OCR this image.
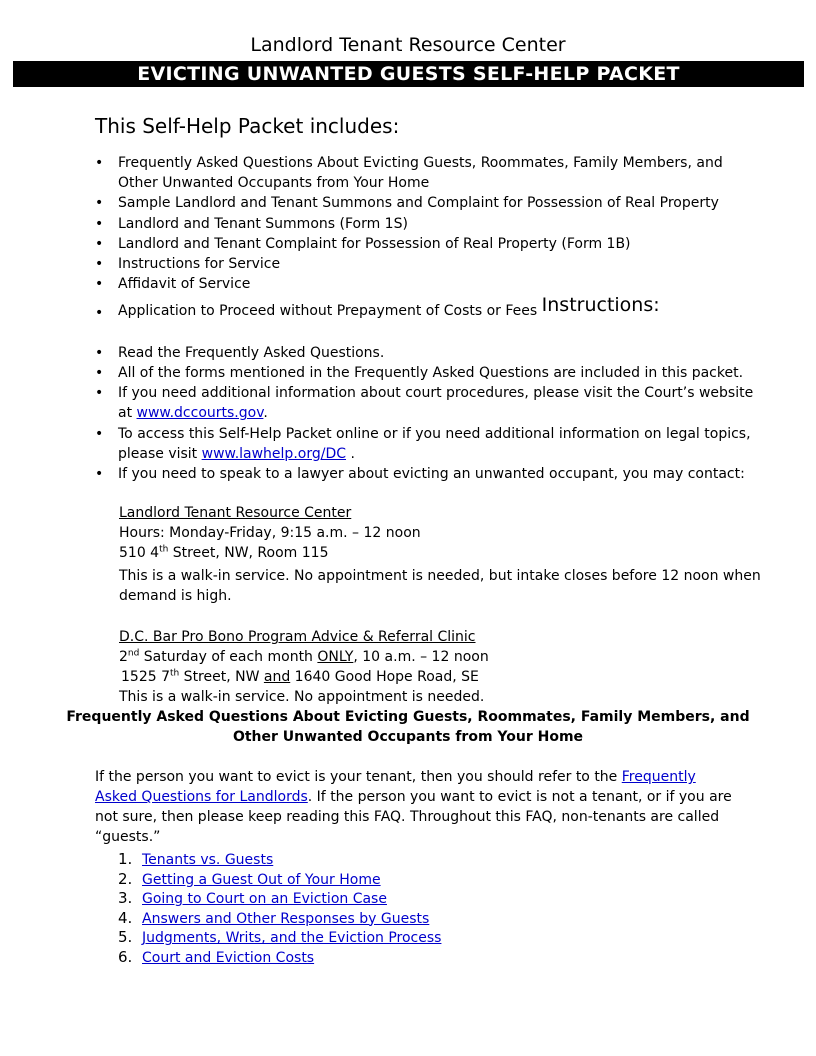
Landlord Tenant Resource Center
EVICTING UNWANTED GUESTS SELF-HELP PACKET
This Self-Help Packet includes:
•	Frequently Asked Questions About Evicting Guests, Roommates, Family Members, and
Other Unwanted Occupants from Your Home
•	Sample Landlord and Tenant Summons and Complaint for Possession of Real Property
•	Landlord and Tenant Summons (Form 1S)
•	Landlord and Tenant Complaint for Possession of Real Property (Form 1B)
•	Instructions for Service
•	Affidavit of Service
•	Application to Proceed without Prepayment of Costs or Fees Instructions:
•	Read the Frequently Asked Questions.
•	All of the forms mentioned in the Frequently Asked Questions are included in this packet.
•	If you need additional information about court procedures, please visit the Court’s website
at www.dccourts.gov.
•	To access this Self-Help Packet online or if you need additional information on legal topics,
please visit www.lawhelp.org/DC .
•	If you need to speak to a lawyer about evicting an unwanted occupant, you may contact:
Landlord Tenant Resource Center
Hours: Monday-Friday, 9:15 a.m. – 12 noon
510 4th Street, NW, Room 115
This is a walk-in service. No appointment is needed, but intake closes before 12 noon when
demand is high.
D.C. Bar Pro Bono Program Advice & Referral Clinic
2nd Saturday of each month ONLY, 10 a.m. – 12 noon
1525 7th Street, NW and 1640 Good Hope Road, SE
This is a walk-in service. No appointment is needed.
Frequently Asked Questions About Evicting Guests, Roommates, Family Members, and
Other Unwanted Occupants from Your Home
If the person you want to evict is your tenant, then you should refer to the Frequently Asked Questions for Landlords. If the person you want to evict is not a tenant, or if you are not sure, then please keep reading this FAQ. Throughout this FAQ, non-tenants are called “guests.”
1. Tenants vs. Guests
2. Getting a Guest Out of Your Home
3. Going to Court on an Eviction Case
4. Answers and Other Responses by Guests
5. Judgments, Writs, and the Eviction Process
6. Court and Eviction Costs
